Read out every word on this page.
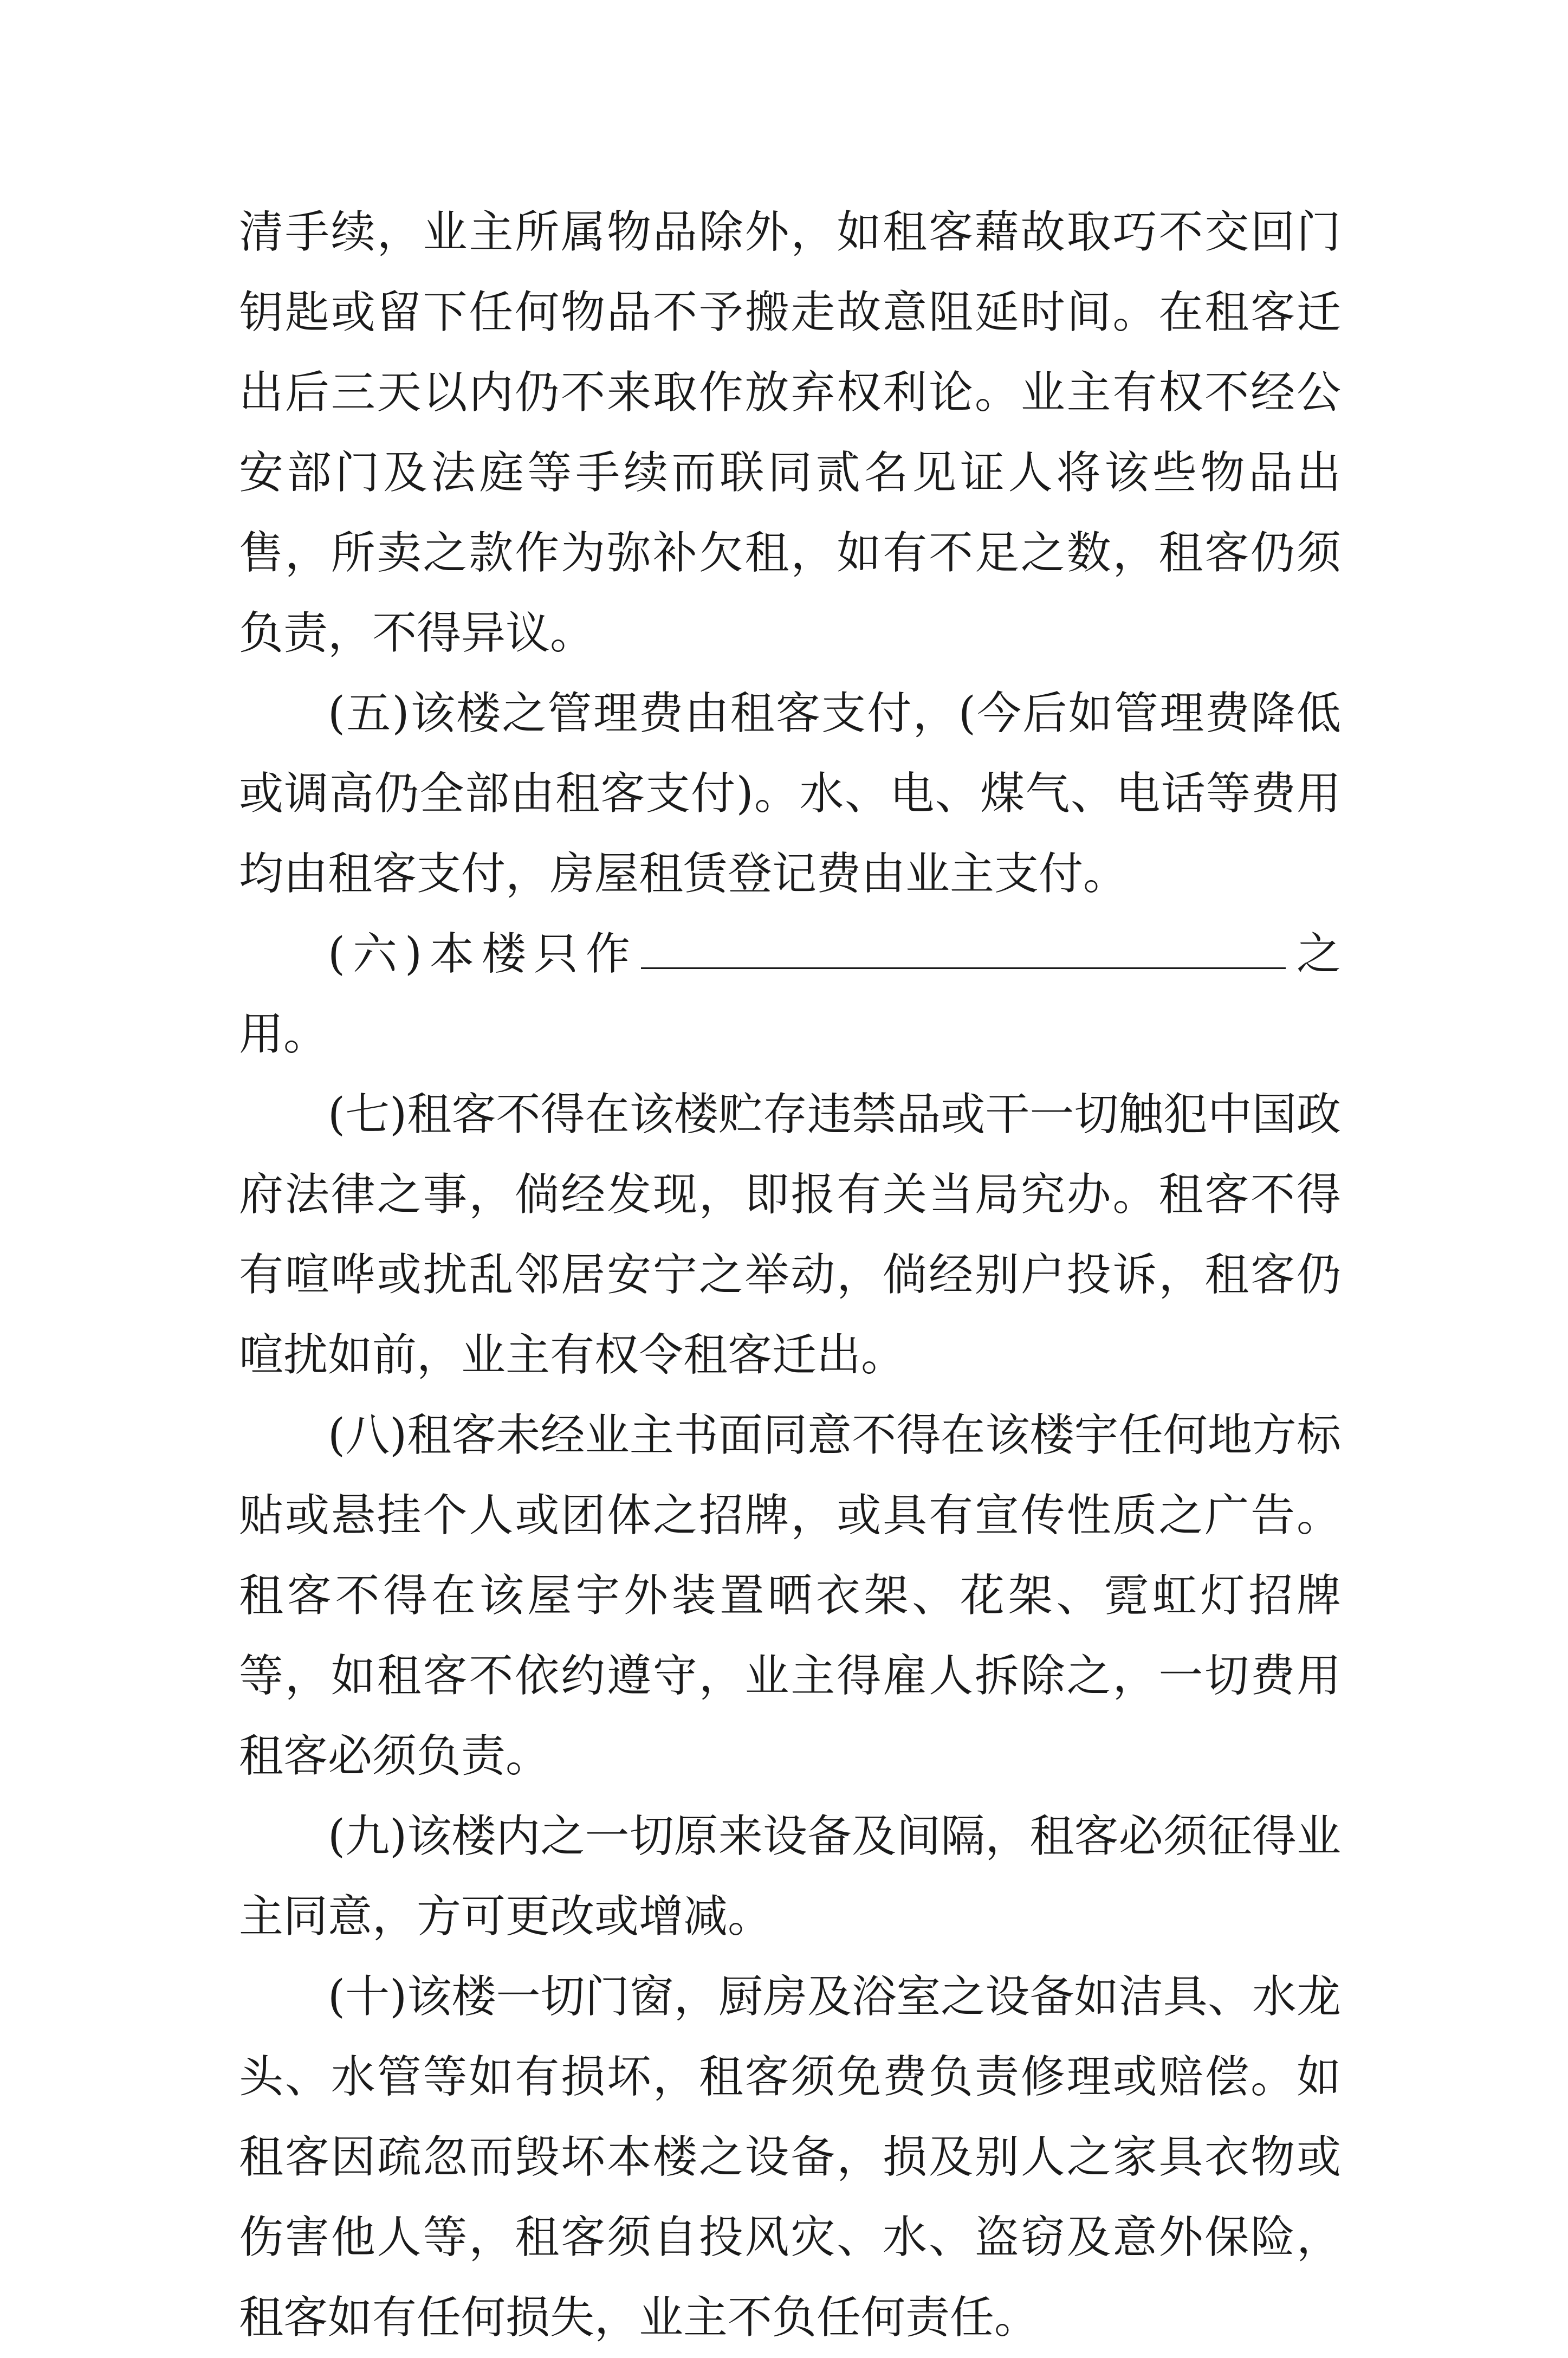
清手续，业主所属物品除外，如租客藉故取巧不交回门钥匙或留下任何物品不予搬走故意阻延时间。在租客迁出后三天以内仍不来取作放弃权利论。业主有权不经公安部门及法庭等手续而联同贰名见证人将该些物品出售，所卖之款作为弥补欠租，如有不足之数，租客仍须负责，不得异议。

(五)该楼之管理费由租客支付，(今后如管理费降低或调高仍全部由租客支付)。水、电、煤气、电话等费用均由租客支付，房屋租赁登记费由业主支付。

(六)本楼只作	之用。

(七)租客不得在该楼贮存违禁品或干一切触犯中国政府法律之事，倘经发现，即报有关当局究办。租客不得有喧哗或扰乱邻居安宁之举动，倘经别户投诉，租客仍喧扰如前，业主有权令租客迁出。

(八)租客未经业主书面同意不得在该楼宇任何地方标贴或悬挂个人或团体之招牌，或具有宣传性质之广告。租客不得在该屋宇外装置晒衣架、花架、霓虹灯招牌等，如租客不依约遵守，业主得雇人拆除之，一切费用租客必须负责。

(九)该楼内之一切原来设备及间隔，租客必须征得业主同意，方可更改或增减。

(十)该楼一切门窗，厨房及浴室之设备如洁具、水龙头、水管等如有损坏，租客须免费负责修理或赔偿。如租客因疏忽而毁坏本楼之设备，损及别人之家具衣物或伤害他人等，租客须自投风灾、水、盗窃及意外保险，租客如有任何损失，业主不负任何责任。
